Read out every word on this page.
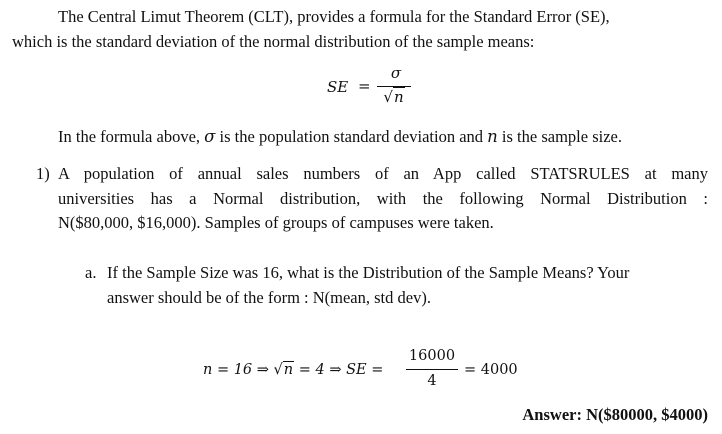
The Central Limut Theorem (CLT), provides a formula for the Standard Error (SE),
which is the standard deviation of the normal distribution of the sample means:
SE =
σ
√n
In the formula above, σ is the population standard deviation and n is the sample size.
1) A population of annual sales numbers of an App called STATSRULES at many
universities has a Normal distribution, with the following Normal Distribution :
N($80,000, $16,000). Samples of groups of campuses were taken.
a. If the Sample Size was 16, what is the Distribution of the Sample Means? Your
answer should be of the form : N(mean, std dev).
n = 16 ⇒ √n = 4 ⇒ SE =
16000
4
= 4000
Answer: N($80000, $4000)
